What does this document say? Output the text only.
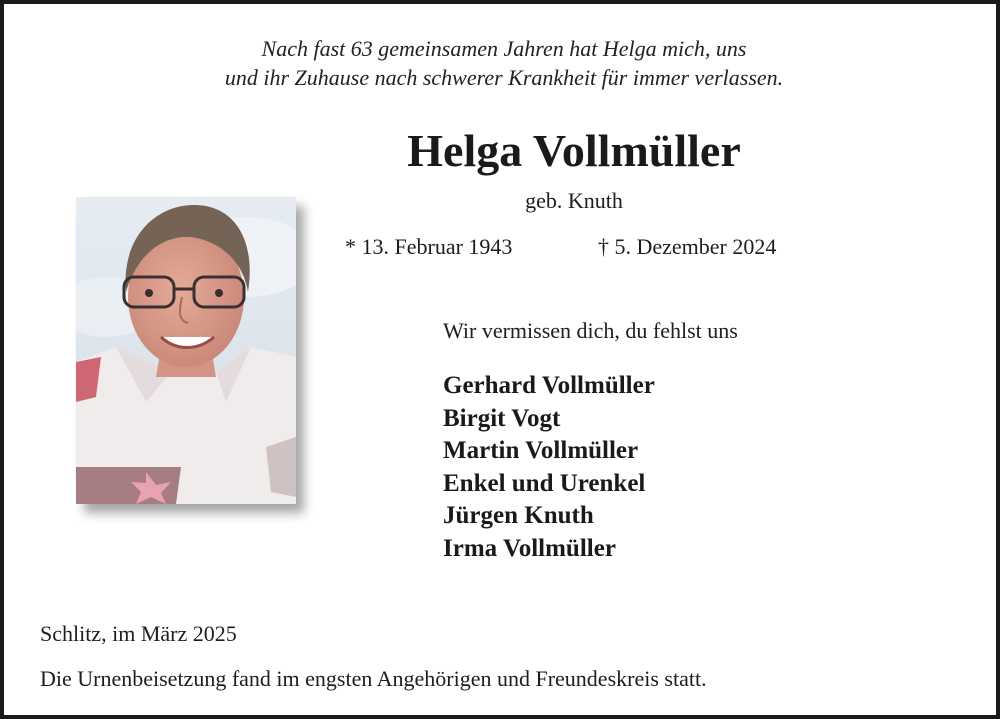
Nach fast 63 gemeinsamen Jahren hat Helga mich, uns
und ihr Zuhause nach schwerer Krankheit für immer verlassen.
Helga Vollmüller
geb. Knuth
* 13. Februar 1943	† 5. Dezember 2024
Wir vermissen dich, du fehlst uns
Gerhard Vollmüller
Birgit Vogt
Martin Vollmüller
Enkel und Urenkel
Jürgen Knuth
Irma Vollmüller
Schlitz, im März 2025
Die Urnenbeisetzung fand im engsten Angehörigen und Freundeskreis statt.
